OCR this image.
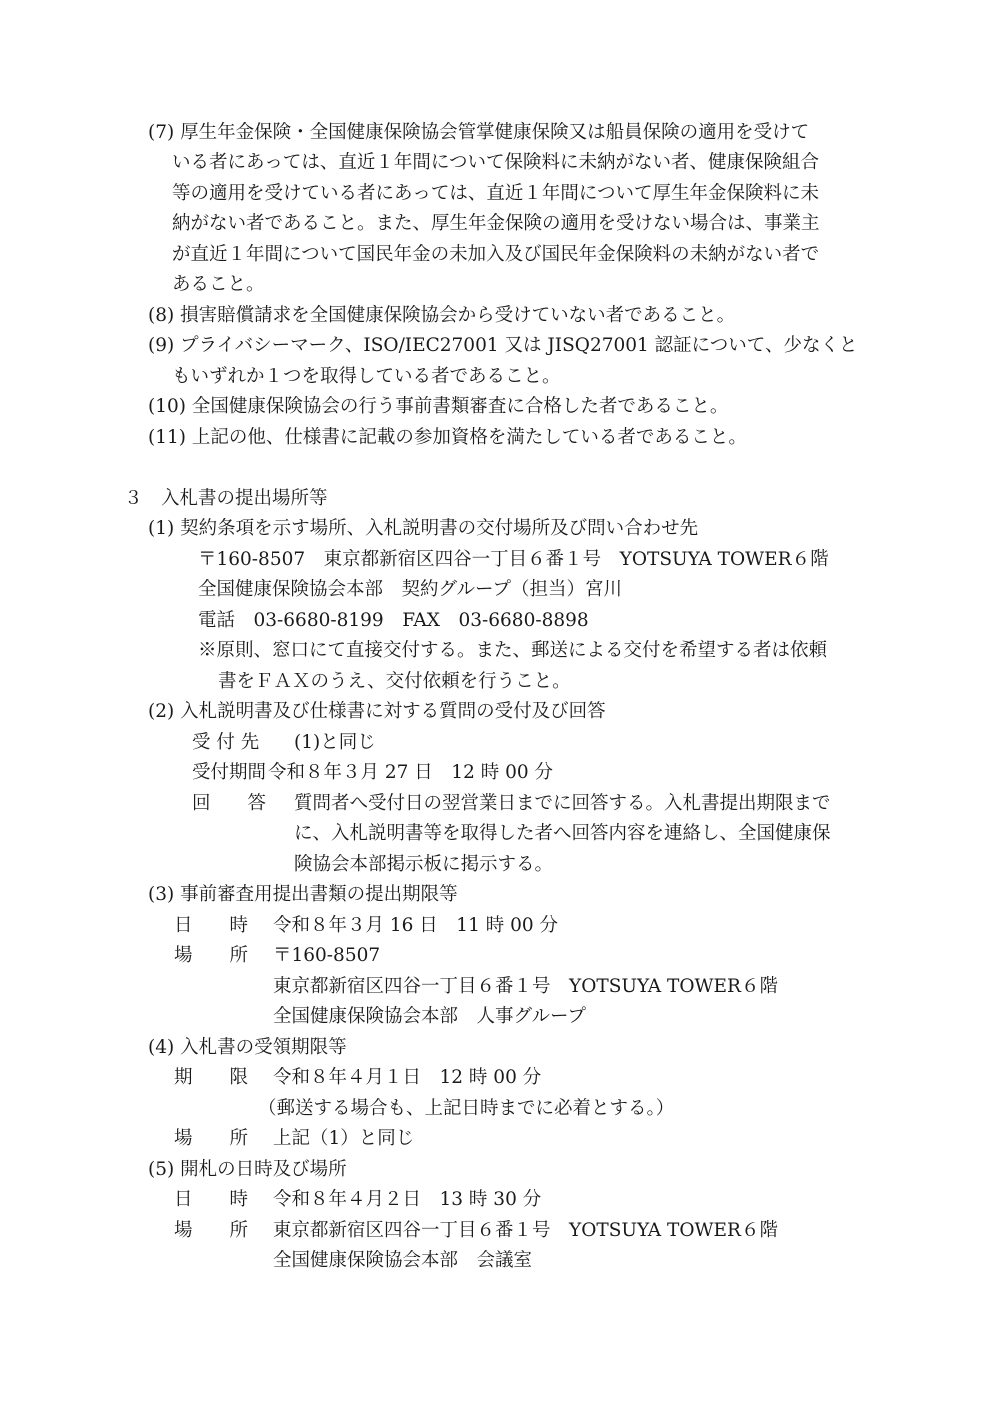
(7) 厚生年金保険・全国健康保険協会管掌健康保険又は船員保険の適用を受けて
いる者にあっては、直近１年間について保険料に未納がない者、健康保険組合
等の適用を受けている者にあっては、直近１年間について厚生年金保険料に未
納がない者であること。また、厚生年金保険の適用を受けない場合は、事業主
が直近１年間について国民年金の未加入及び国民年金保険料の未納がない者で
あること。
(8) 損害賠償請求を全国健康保険協会から受けていない者であること。
(9) プライバシーマーク、ISO/IEC27001 又は JISQ27001 認証について、少なくと
もいずれか１つを取得している者であること。
(10) 全国健康保険協会の行う事前書類審査に合格した者であること。
(11) 上記の他、仕様書に記載の参加資格を満たしている者であること。
３　入札書の提出場所等
(1) 契約条項を示す場所、入札説明書の交付場所及び問い合わせ先
〒160-8507　東京都新宿区四谷一丁目６番１号　YOTSUYA TOWER６階
全国健康保険協会本部　契約グループ（担当）宮川
電話　03-6680-8199　FAX　03-6680-8898
※原則、窓口にて直接交付する。また、郵送による交付を希望する者は依頼
書をＦＡＸのうえ、交付依頼を行うこと。
(2) 入札説明書及び仕様書に対する質問の受付及び回答
受 付 先 (1)と同じ
受付期間 令和８年３月 27 日　12 時 00 分
回　　答 質問者へ受付日の翌営業日までに回答する。入札書提出期限まで
に、入札説明書等を取得した者へ回答内容を連絡し、全国健康保
険協会本部掲示板に掲示する。
(3) 事前審査用提出書類の提出期限等
日　　時 令和８年３月 16 日　11 時 00 分
場　　所 〒160-8507
東京都新宿区四谷一丁目６番１号　YOTSUYA TOWER６階
全国健康保険協会本部　人事グループ
(4) 入札書の受領期限等
期　　限 令和８年４月１日　12 時 00 分
（郵送する場合も、上記日時までに必着とする。）
場　　所 上記（1）と同じ
(5) 開札の日時及び場所
日　　時 令和８年４月２日　13 時 30 分
場　　所 東京都新宿区四谷一丁目６番１号　YOTSUYA TOWER６階
全国健康保険協会本部　会議室
